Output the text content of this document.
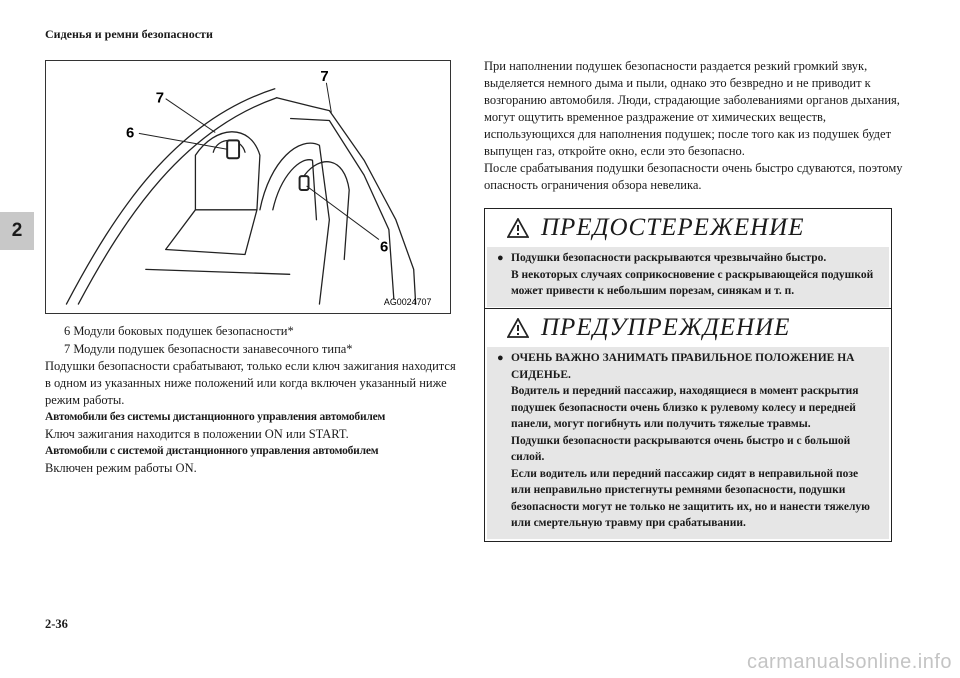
Сиденья и ремни безопасности
2
7
7
6
6
AG0024707
6 Модули боковых подушек безопасности*
7 Модули подушек безопасности занавесочного типа*
Подушки безопасности срабатывают, только если ключ зажигания находится в одном из указанных ниже положений или когда включен указанный ниже режим работы.
Автомобили без системы дистанционного управления автомобилем
Ключ зажигания находится в положении ON или START.
Автомобили с системой дистанционного управления автомобилем
Включен режим работы ON.
При наполнении подушек безопасности раздается резкий громкий звук, выделяется немного дыма и пыли, однако это безвредно и не приводит к возгоранию автомобиля. Люди, страдающие заболеваниями органов дыхания, могут ощутить временное раздражение от химических веществ, использующихся для наполнения подушек; после того как из подушек будет выпущен газ, откройте окно, если это безопасно.
После срабатывания подушки безопасности очень быстро сдуваются, поэтому опасность ограничения обзора невелика.
ПРЕДОСТЕРЕЖЕНИЕ
● Подушки безопасности раскрываются чрезвычайно быстро.
В некоторых случаях соприкосновение с раскрывающейся подушкой может привести к небольшим порезам, синякам и т. п.
ПРЕДУПРЕЖДЕНИЕ
● ОЧЕНЬ ВАЖНО ЗАНИМАТЬ ПРАВИЛЬНОЕ ПОЛОЖЕНИЕ НА СИДЕНЬЕ.
Водитель и передний пассажир, находящиеся в момент раскрытия подушек безопасности очень близко к рулевому колесу и передней панели, могут погибнуть или получить тяжелые травмы.
Подушки безопасности раскрываются очень быстро и с большой силой.
Если водитель или передний пассажир сидят в неправильной позе или неправильно пристегнуты ремнями безопасности, подушки безопасности могут не только не защитить их, но и нанести тяжелую или смертельную травму при срабатывании.
2-36
carmanualsonline.info
